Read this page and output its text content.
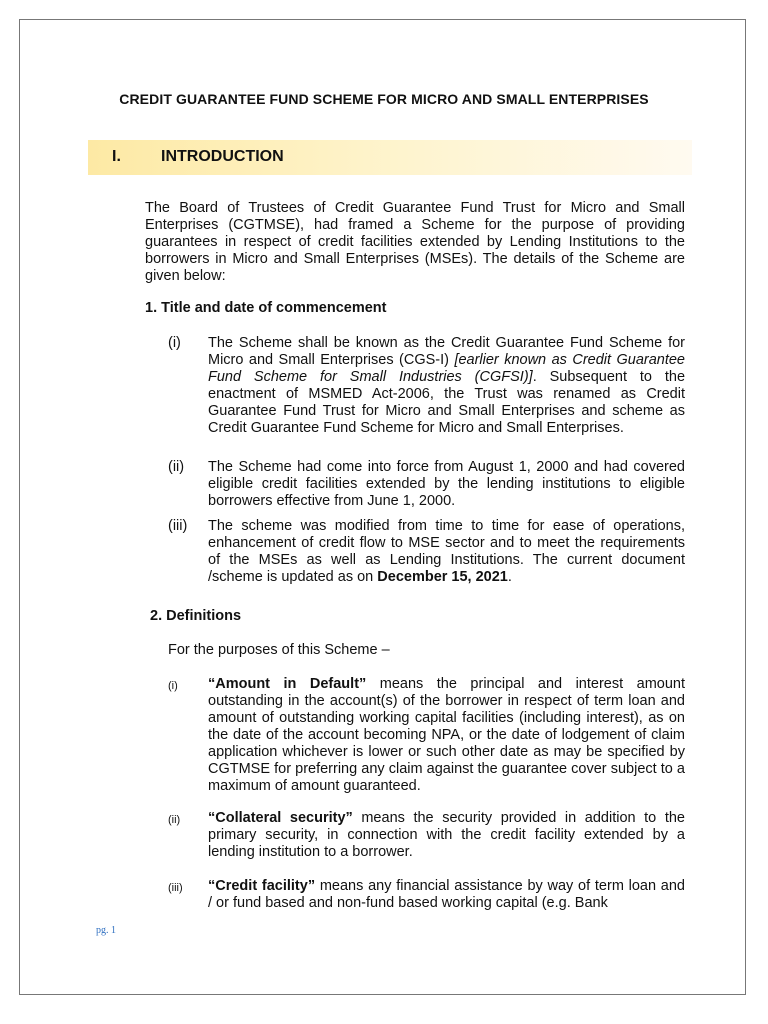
CREDIT GUARANTEE FUND SCHEME FOR MICRO AND SMALL ENTERPRISES
I.	INTRODUCTION
The Board of Trustees of Credit Guarantee Fund Trust for Micro and Small Enterprises (CGTMSE), had framed a Scheme for the purpose of providing guarantees in respect of credit facilities extended by Lending Institutions to the borrowers in Micro and Small Enterprises (MSEs). The details of the Scheme are given below:
1. Title and date of commencement
(i) The Scheme shall be known as the Credit Guarantee Fund Scheme for Micro and Small Enterprises (CGS-I) [earlier known as Credit Guarantee Fund Scheme for Small Industries (CGFSI)]. Subsequent to the enactment of MSMED Act-2006, the Trust was renamed as Credit Guarantee Fund Trust for Micro and Small Enterprises and scheme as Credit Guarantee Fund Scheme for Micro and Small Enterprises.
(ii) The Scheme had come into force from August 1, 2000 and had covered eligible credit facilities extended by the lending institutions to eligible borrowers effective from June 1, 2000.
(iii) The scheme was modified from time to time for ease of operations, enhancement of credit flow to MSE sector and to meet the requirements of the MSEs as well as Lending Institutions. The current document /scheme is updated as on December 15, 2021.
2. Definitions
For the purposes of this Scheme –
(i) “Amount in Default” means the principal and interest amount outstanding in the account(s) of the borrower in respect of term loan and amount of outstanding working capital facilities (including interest), as on the date of the account becoming NPA, or the date of lodgement of claim application whichever is lower or such other date as may be specified by CGTMSE for preferring any claim against the guarantee cover subject to a maximum of amount guaranteed.
(ii) “Collateral security” means the security provided in addition to the primary security, in connection with the credit facility extended by a lending institution to a borrower.
(iii) “Credit facility” means any financial assistance by way of term loan and / or fund based and non-fund based working capital (e.g. Bank
pg. 1
